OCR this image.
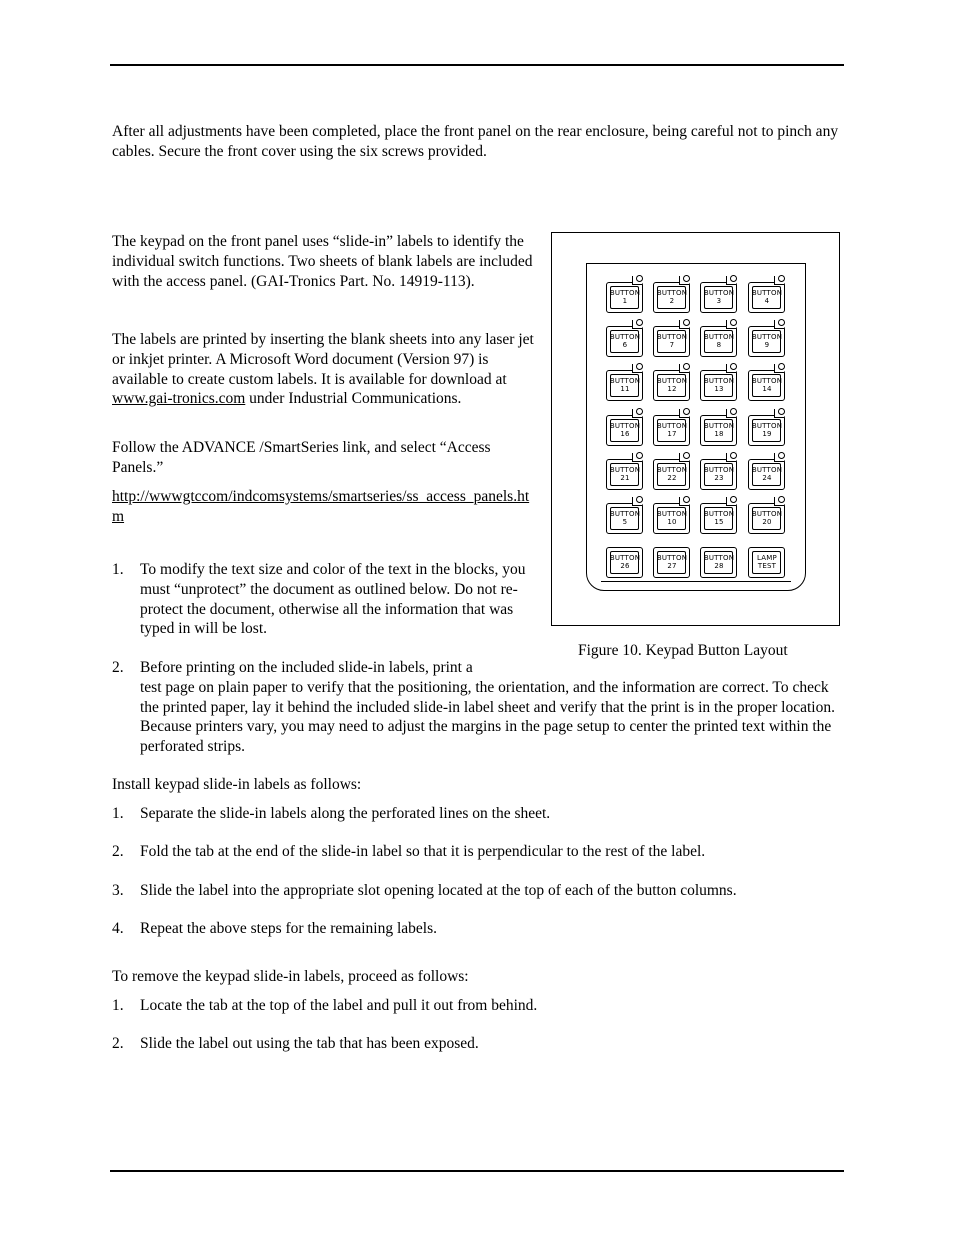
After all adjustments have been completed, place the front panel on the rear enclosure, being careful not to pinch any cables. Secure the front cover using the six screws provided.

The keypad on the front panel uses “slide-in” labels to identify the individual switch functions. Two sheets of blank labels are included with the access panel. (GAI-Tronics Part. No. 14919-113).

The labels are printed by inserting the blank sheets into any laser jet or inkjet printer. A Microsoft Word document (Version 97) is available to create custom labels. It is available for download at www.gai-tronics.com under Industrial Communications.

Follow the ADVANCE /SmartSeries link, and select “Access Panels.”

http://wwwgtccom/indcomsystems/smartseries/ss_access_panels.htm

1. To modify the text size and color of the text in the blocks, you must “unprotect” the document as outlined below. Do not re-protect the document, otherwise all the information that was typed in will be lost.
2. Before printing on the included slide-in labels, print a
test page on plain paper to verify that the positioning, the orientation, and the information are correct. To check the printed paper, lay it behind the included slide-in label sheet and verify that the print is in the proper location. Because printers vary, you may need to adjust the margins in the page setup to center the printed text within the perforated strips.

Install keypad slide-in labels as follows:

1. Separate the slide-in labels along the perforated lines on the sheet.
2. Fold the tab at the end of the slide-in label so that it is perpendicular to the rest of the label.
3. Slide the label into the appropriate slot opening located at the top of each of the button columns.
4. Repeat the above steps for the remaining labels.

To remove the keypad slide-in labels, proceed as follows:

1. Locate the tab at the top of the label and pull it out from behind.
2. Slide the label out using the tab that has been exposed.
BUTTON
1
BUTTON
2
BUTTON
3
BUTTON
4
BUTTON
6
BUTTON
7
BUTTON
8
BUTTON
9
BUTTON
11
BUTTON
12
BUTTON
13
BUTTON
14
BUTTON
16
BUTTON
17
BUTTON
18
BUTTON
19
BUTTON
21
BUTTON
22
BUTTON
23
BUTTON
24
BUTTON
5
BUTTON
10
BUTTON
15
BUTTON
20
BUTTON
26
BUTTON
27
BUTTON
28
LAMP
TEST

Figure 10. Keypad Button Layout
